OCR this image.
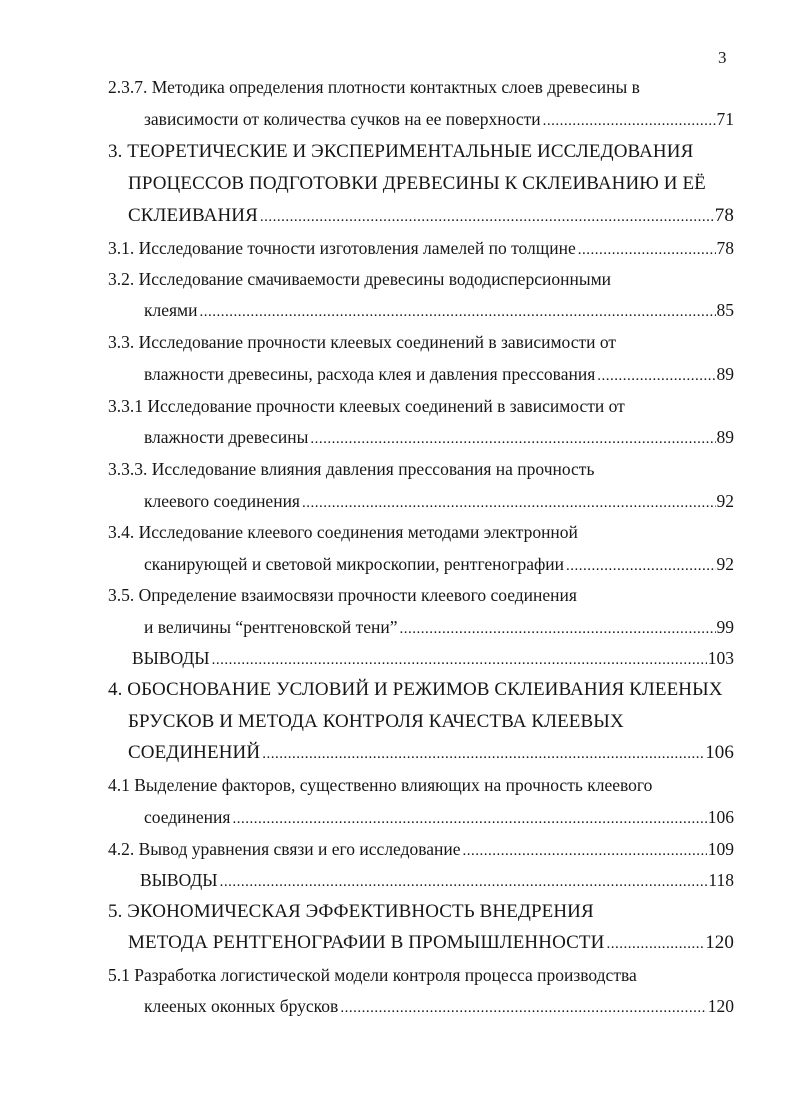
3
2.3.7. Методика определения плотности контактных слоев древесины в
зависимости от количества сучков на ее поверхности .....	71
3. ТЕОРЕТИЧЕСКИЕ И ЭКСПЕРИМЕНТАЛЬНЫЕ ИССЛЕДОВАНИЯ
ПРОЦЕССОВ ПОДГОТОВКИ ДРЕВЕСИНЫ К СКЛЕИВАНИЮ И ЕЁ
СКЛЕИВАНИЯ .....	78
3.1. Исследование точности изготовления ламелей по толщине .....	78
3.2. Исследование смачиваемости древесины вододисперсионными
клеями .....	85
3.3. Исследование прочности клеевых соединений в зависимости от
влажности древесины, расхода клея и давления прессования .....	89
3.3.1 Исследование прочности клеевых соединений в зависимости от
влажности древесины .....	89
3.3.3. Исследование влияния давления прессования на прочность
клеевого соединения .....	92
3.4. Исследование клеевого соединения методами электронной
сканирующей и световой микроскопии, рентгенографии .....	92
3.5. Определение взаимосвязи прочности клеевого соединения
и величины “рентгеновской тени” .....	99
ВЫВОДЫ .....	103
4. ОБОСНОВАНИЕ УСЛОВИЙ И РЕЖИМОВ СКЛЕИВАНИЯ КЛЕЕНЫХ
БРУСКОВ И МЕТОДА КОНТРОЛЯ КАЧЕСТВА КЛЕЕВЫХ
СОЕДИНЕНИЙ .....	106
4.1 Выделение факторов, существенно влияющих на прочность клеевого
соединения .....	106
4.2. Вывод уравнения связи и его исследование .....	109
ВЫВОДЫ .....	118
5. ЭКОНОМИЧЕСКАЯ ЭФФЕКТИВНОСТЬ ВНЕДРЕНИЯ
МЕТОДА РЕНТГЕНОГРАФИИ В ПРОМЫШЛЕННОСТИ .....	120
5.1 Разработка логистической модели контроля процесса производства
клееных оконных брусков .....	120
